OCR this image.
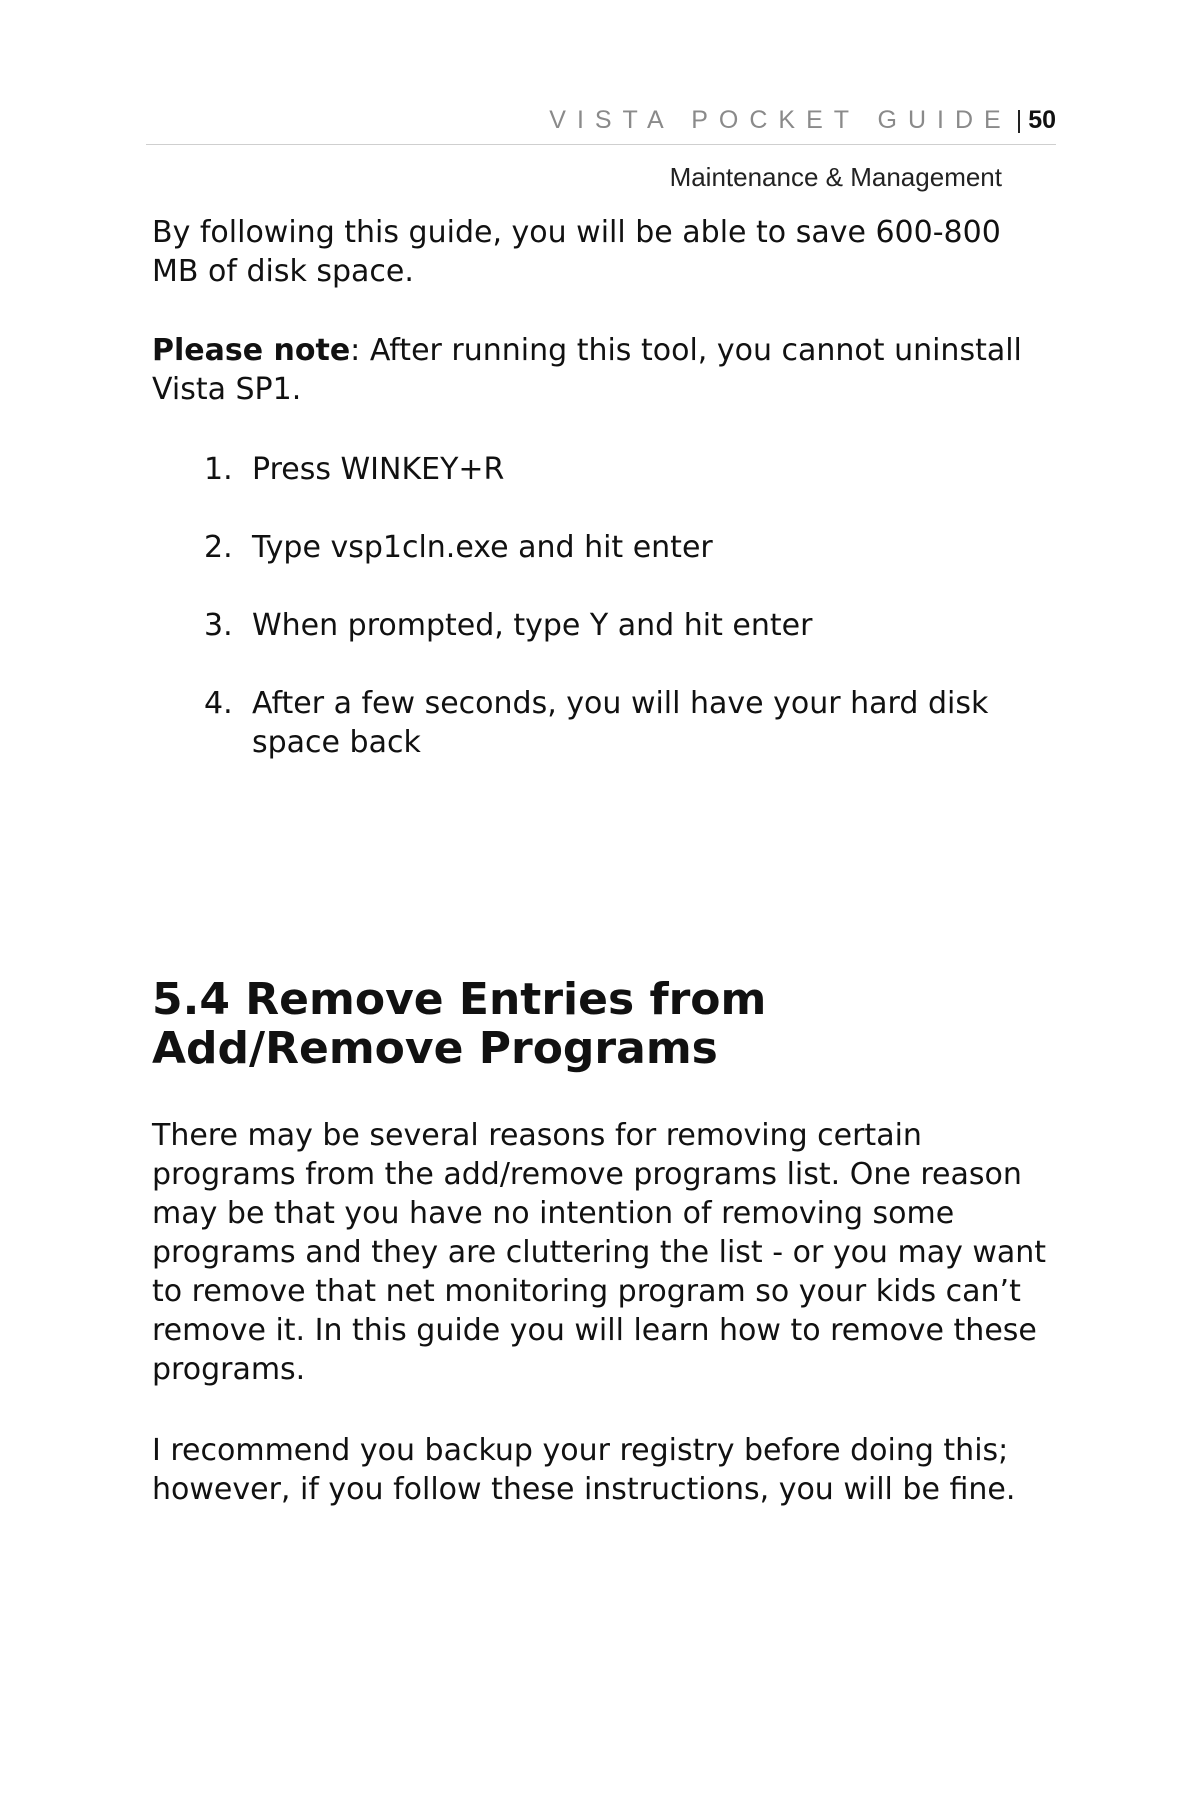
VISTA POCKET GUIDE | 50
Maintenance & Management

By following this guide, you will be able to save 600-800 MB of disk space.

Please note: After running this tool, you cannot uninstall Vista SP1.

1. Press WINKEY+R
2. Type vsp1cln.exe and hit enter
3. When prompted, type Y and hit enter
4. After a few seconds, you will have your hard disk space back
5.4 Remove Entries from Add/Remove Programs

There may be several reasons for removing certain programs from the add/remove programs list. One reason may be that you have no intention of removing some programs and they are cluttering the list - or you may want to remove that net monitoring program so your kids can’t remove it. In this guide you will learn how to remove these programs.

I recommend you backup your registry before doing this; however, if you follow these instructions, you will be fine.
